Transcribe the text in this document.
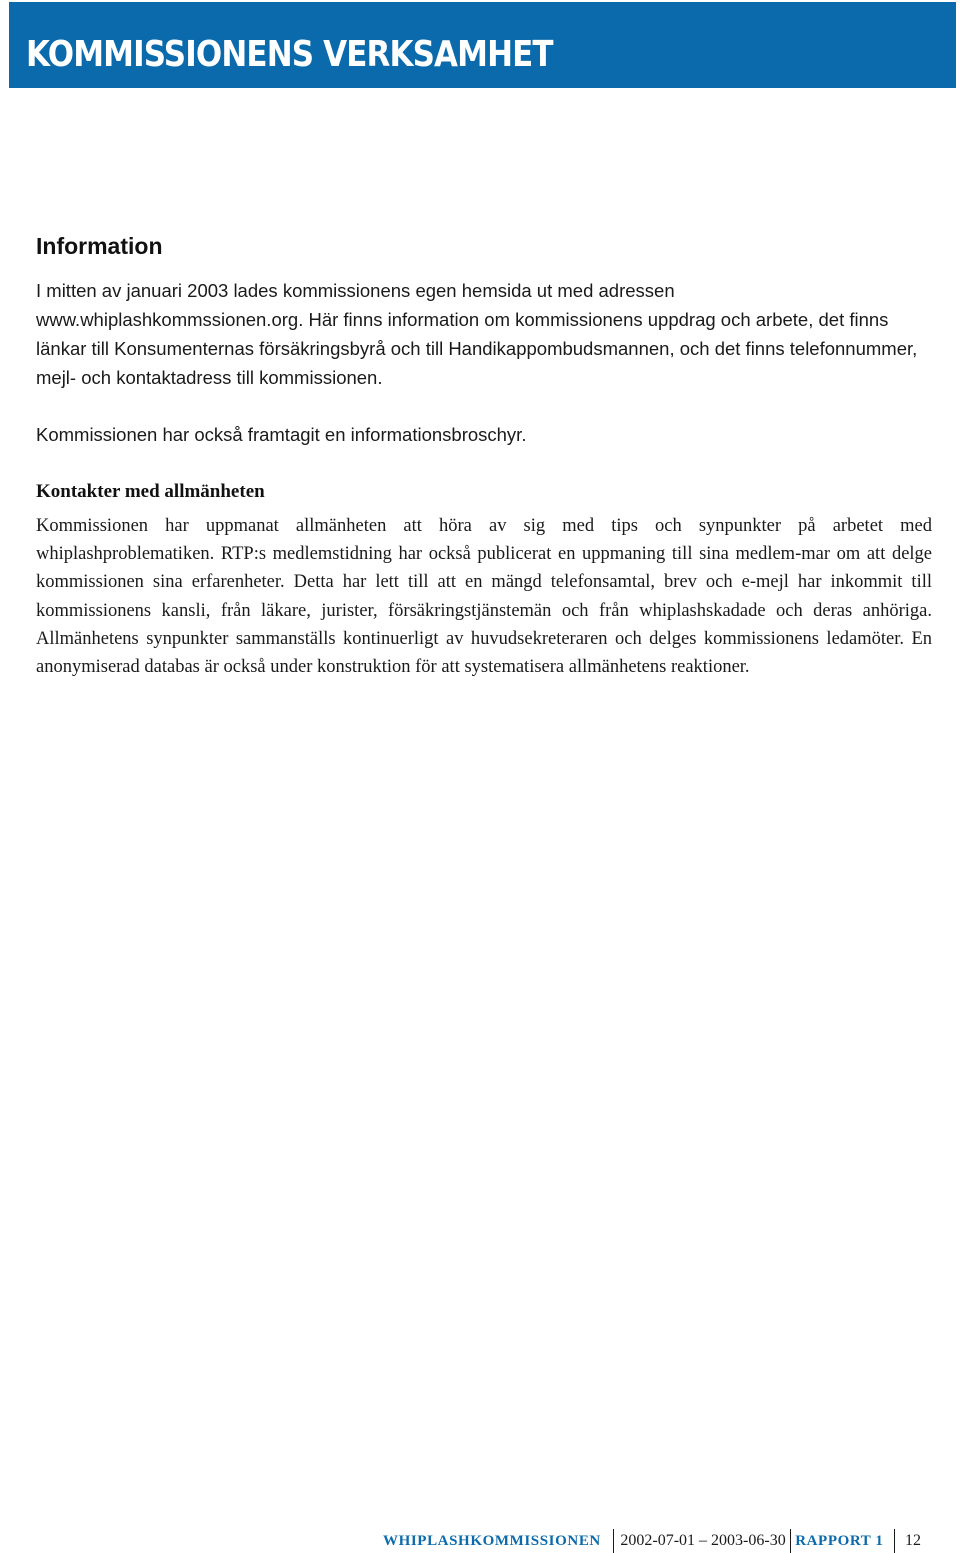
KOMMISSIONENS VERKSAMHET
Information

I mitten av januari 2003 lades kommissionens egen hemsida ut med adressen www.whiplashkommssionen.org. Här finns information om kommissionens uppdrag och arbete, det finns länkar till Konsumenternas försäkringsbyrå och till Handikappombudsmannen, och det finns telefonnummer, mejl- och kontaktadress till kommissionen.

Kommissionen har också framtagit en informationsbroschyr.

Kontakter med allmänheten

Kommissionen har uppmanat allmänheten att höra av sig med tips och synpunkter på arbetet med whiplashproblematiken. RTP:s medlemstidning har också publicerat en uppmaning till sina medlem-mar om att delge kommissionen sina erfarenheter. Detta har lett till att en mängd telefonsamtal, brev och e-mejl har inkommit till kommissionens kansli, från läkare, jurister, försäkringstjänstemän och från whiplashskadade och deras anhöriga. Allmänhetens synpunkter sammanställs kontinuerligt av huvudsekreteraren och delges kommissionens ledamöter. En anonymiserad databas är också under konstruktion för att systematisera allmänhetens reaktioner.

WHIPLASHKOMMISSIONEN 2002-07-01 – 2003-06-30 RAPPORT 1 12
